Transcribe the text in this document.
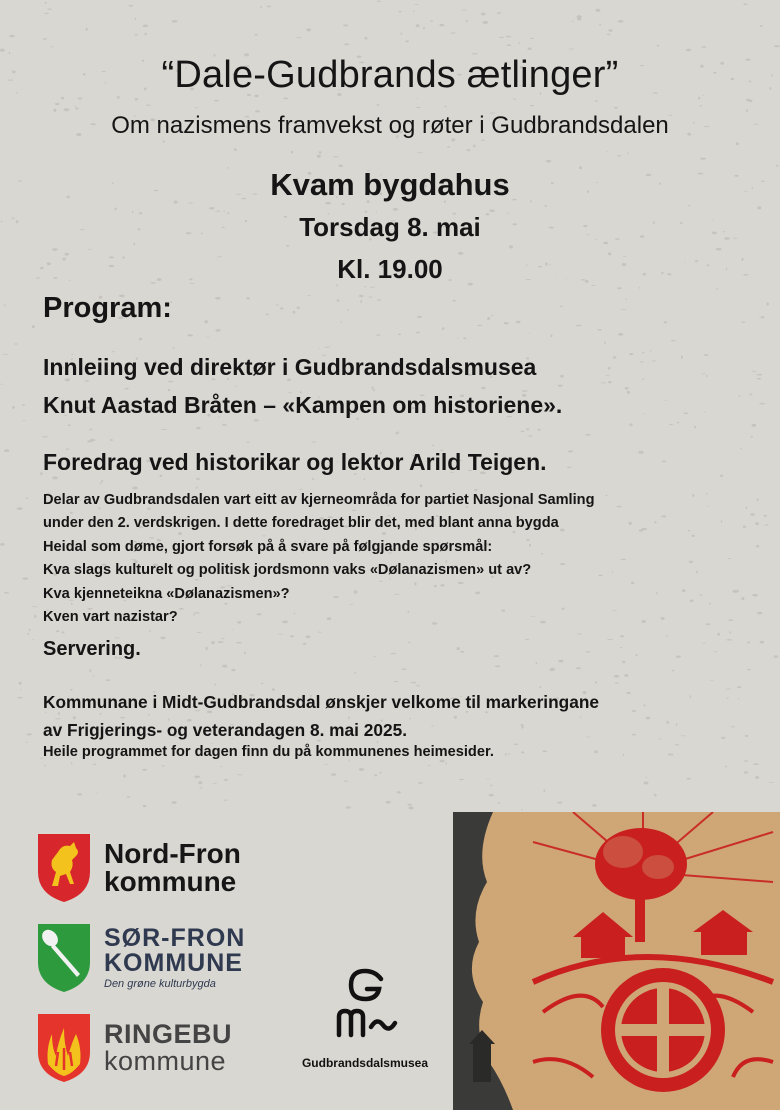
“Dale-Gudbrands ætlinger”
Om nazismens framvekst og røter i Gudbrandsdalen
Kvam bygdahus
Torsdag 8. mai
Kl. 19.00
Program:
Innleiing ved direktør i Gudbrandsdalsmusea
Knut Aastad Bråten – «Kampen om historiene».
Foredrag ved historikar og lektor Arild Teigen.
Delar av Gudbrandsdalen vart eitt av kjerneområda for partiet Nasjonal Samling
under den 2. verdskrigen. I dette foredraget blir det, med blant anna bygda
Heidal som døme, gjort forsøk på å svare på følgjande spørsmål:
Kva slags kulturelt og politisk jordsmonn vaks «Dølanazismen» ut av?
Kva kjenneteikna «Dølanazismen»?
Kven vart nazistar?
Servering.
Kommunane i Midt-Gudbrandsdal ønskjer velkome til markeringane
av Frigjerings- og veterandagen 8. mai 2025.
Heile programmet for dagen finn du på kommunenes heimesider.
Nord-Fron
kommune
SØR-FRON
KOMMUNE
Den grøne kulturbygda
RINGEBU
kommune	Gudbrandsdalsmusea
